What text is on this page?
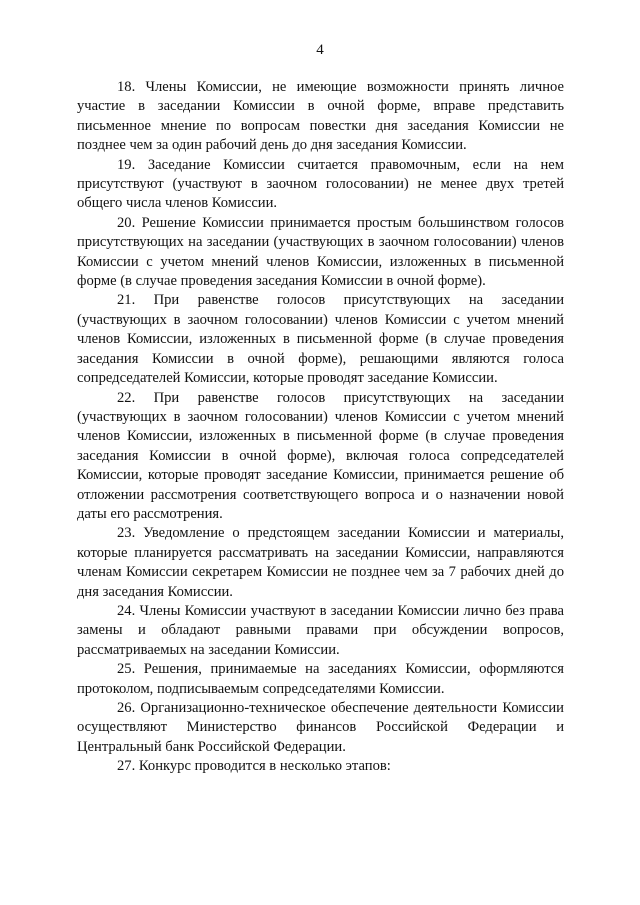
4

18. Члены Комиссии, не имеющие возможности принять личное участие в заседании Комиссии в очной форме, вправе представить письменное мнение по вопросам повестки дня заседания Комиссии не позднее чем за один рабочий день до дня заседания Комиссии.

19. Заседание Комиссии считается правомочным, если на нем присутствуют (участвуют в заочном голосовании) не менее двух третей общего числа членов Комиссии.

20. Решение Комиссии принимается простым большинством голосов присутствующих на заседании (участвующих в заочном голосовании) членов Комиссии с учетом мнений членов Комиссии, изложенных в письменной форме (в случае проведения заседания Комиссии в очной форме).

21. При равенстве голосов присутствующих на заседании (участвующих в заочном голосовании) членов Комиссии с учетом мнений членов Комиссии, изложенных в письменной форме (в случае проведения заседания Комиссии в очной форме), решающими являются голоса сопредседателей Комиссии, которые проводят заседание Комиссии.

22. При равенстве голосов присутствующих на заседании (участвующих в заочном голосовании) членов Комиссии с учетом мнений членов Комиссии, изложенных в письменной форме (в случае проведения заседания Комиссии в очной форме), включая голоса сопредседателей Комиссии, которые проводят заседание Комиссии, принимается решение об отложении рассмотрения соответствующего вопроса и о назначении новой даты его рассмотрения.

23. Уведомление о предстоящем заседании Комиссии и материалы, которые планируется рассматривать на заседании Комиссии, направляются членам Комиссии секретарем Комиссии не позднее чем за 7 рабочих дней до дня заседания Комиссии.

24. Члены Комиссии участвуют в заседании Комиссии лично без права замены и обладают равными правами при обсуждении вопросов, рассматриваемых на заседании Комиссии.

25. Решения, принимаемые на заседаниях Комиссии, оформляются протоколом, подписываемым сопредседателями Комиссии.

26. Организационно-техническое обеспечение деятельности Комиссии осуществляют Министерство финансов Российской Федерации и Центральный банк Российской Федерации.

27. Конкурс проводится в несколько этапов:
